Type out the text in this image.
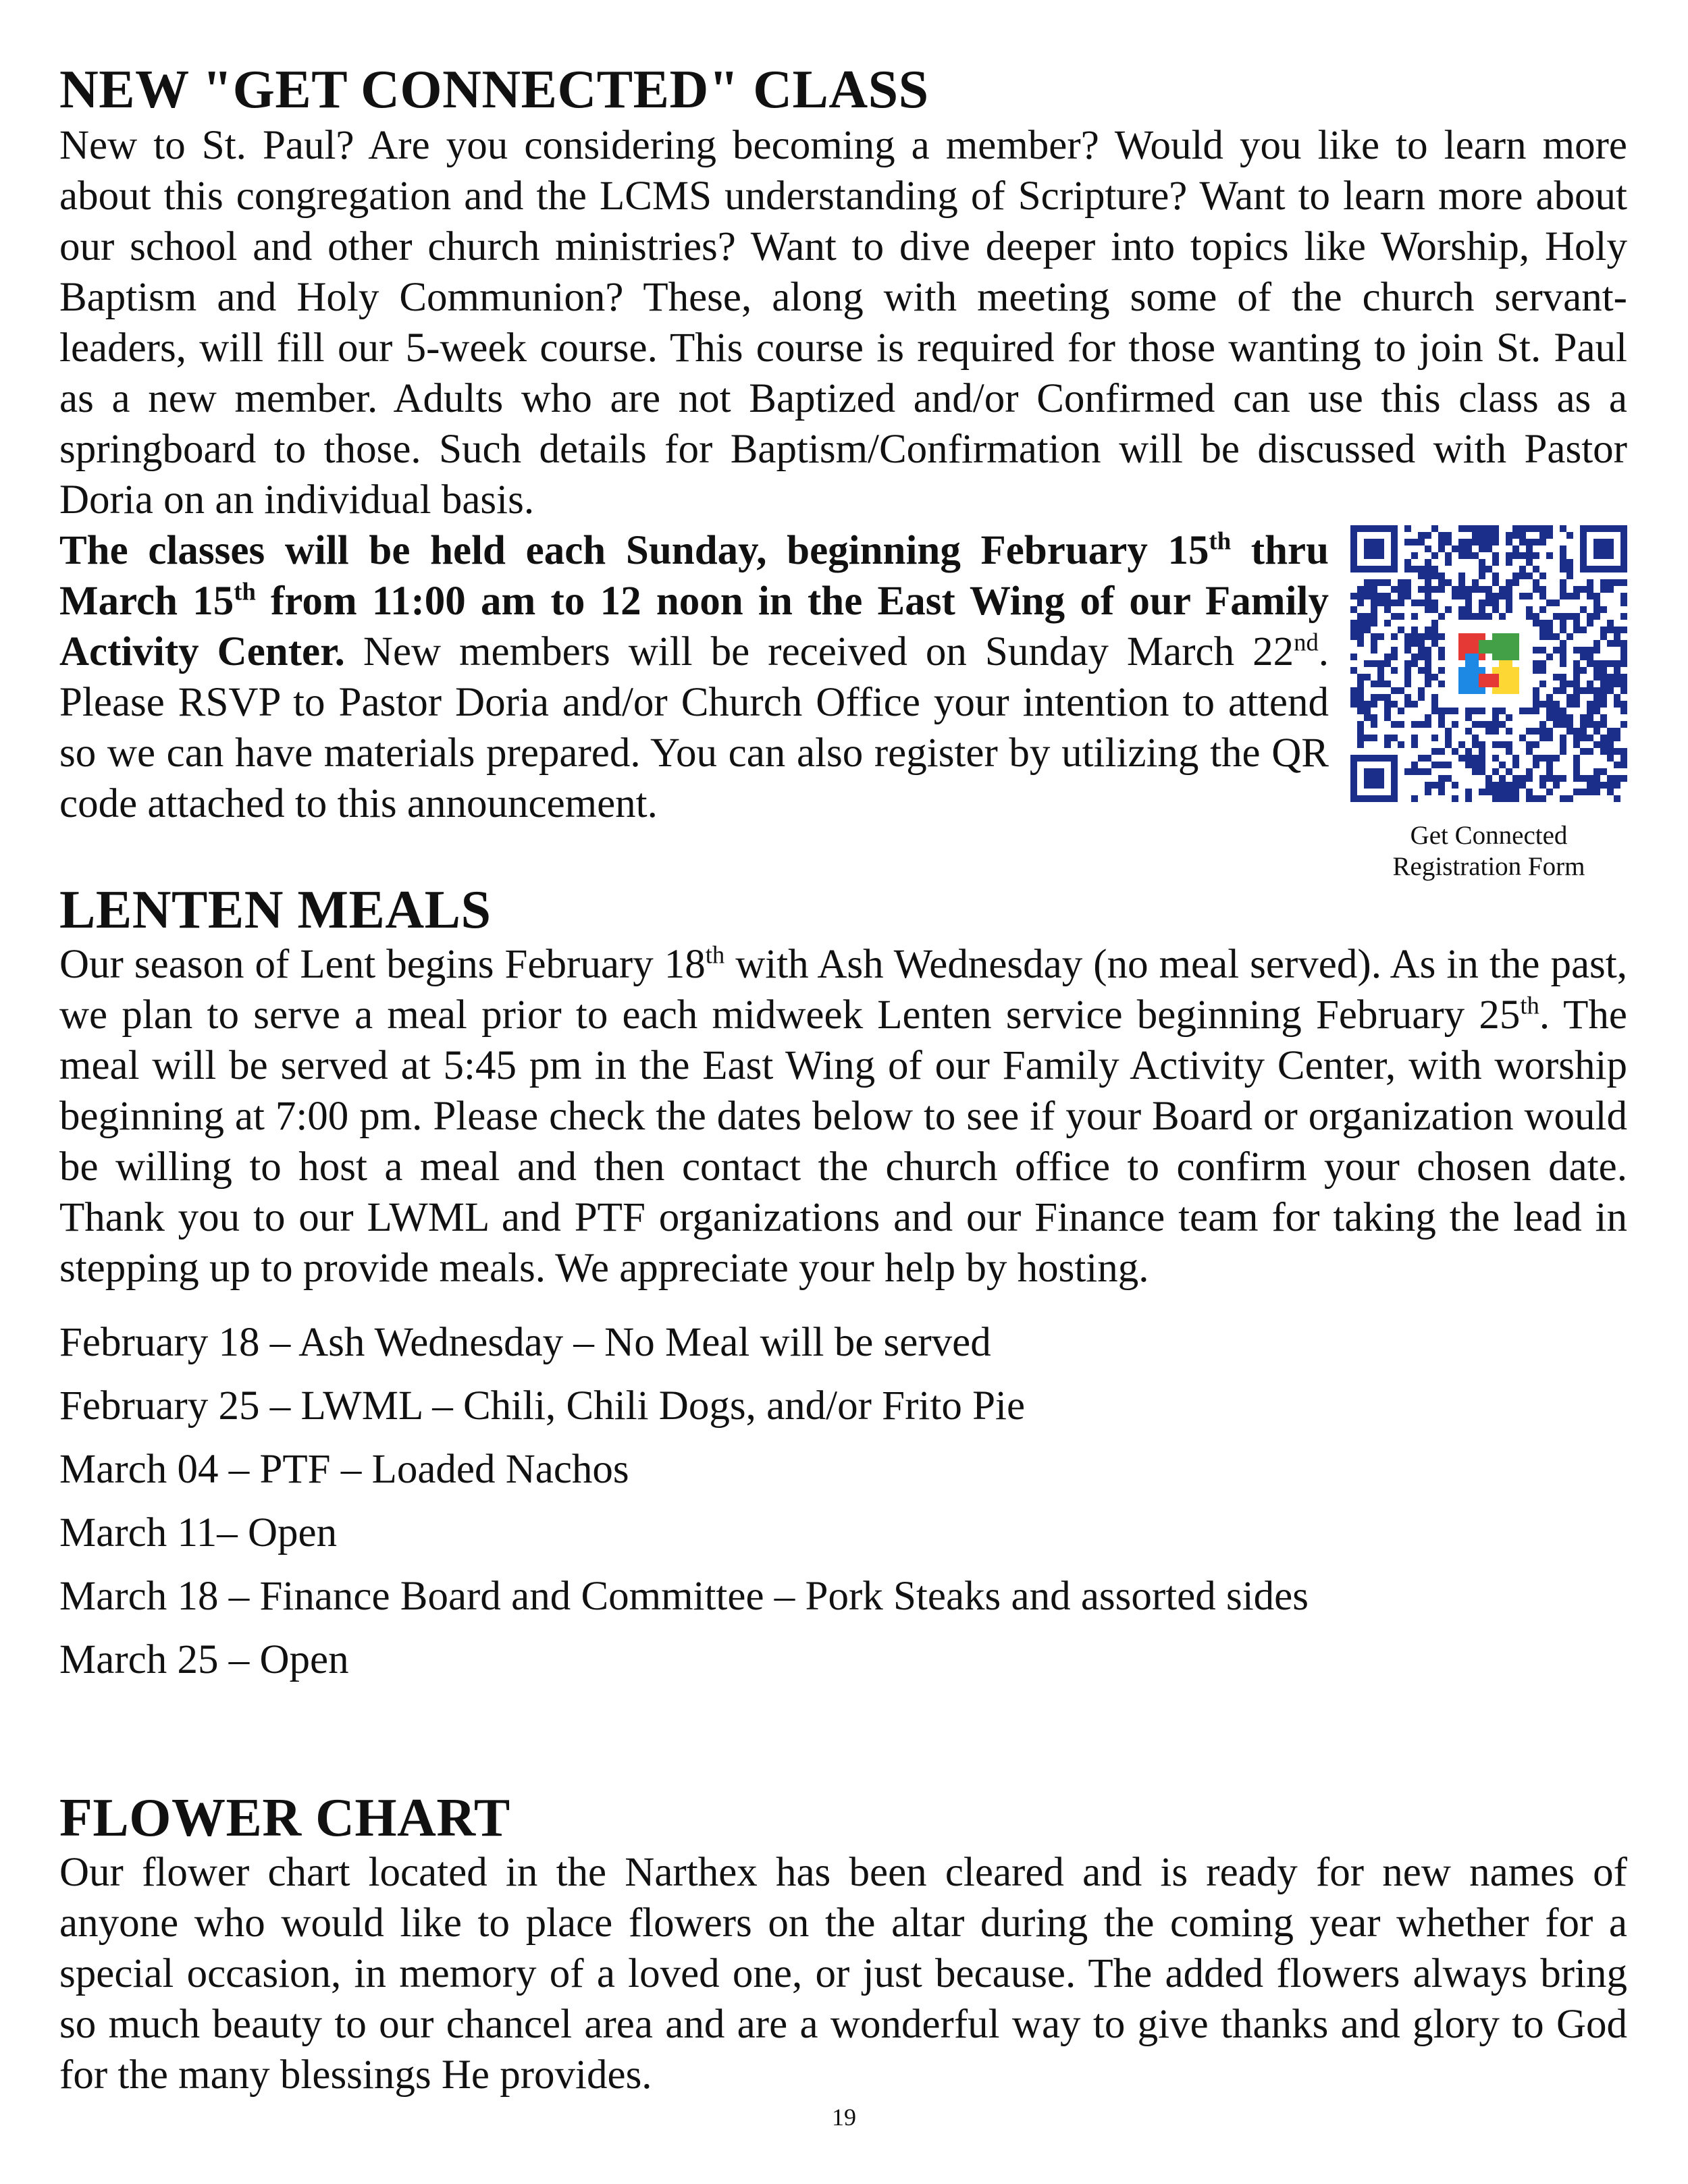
NEW "GET CONNECTED" CLASS

New to St. Paul? Are you considering becoming a member? Would you like to learn more about this congregation and the LCMS understanding of Scripture? Want to learn more about our school and other church ministries? Want to dive deeper into topics like Worship, Holy Baptism and Holy Communion? These, along with meeting some of the church servant-leaders, will fill our 5-week course. This course is required for those wanting to join St. Paul as a new member. Adults who are not Baptized and/or Confirmed can use this class as a springboard to those. Such details for Baptism/Confirmation will be discussed with Pastor Doria on an individual basis.

Get Connected
Registration Form

The classes will be held each Sunday, beginning February 15th thru March 15th from 11:00 am to 12 noon in the East Wing of our Family Activity Center. New members will be received on Sunday March 22nd. Please RSVP to Pastor Doria and/or Church Office your intention to attend so we can have materials prepared. You can also register by utilizing the QR code attached to this announcement.

LENTEN MEALS

Our season of Lent begins February 18th with Ash Wednesday (no meal served). As in the past, we plan to serve a meal prior to each midweek Lenten service beginning February 25th. The meal will be served at 5:45 pm in the East Wing of our Family Activity Center, with worship beginning at 7:00 pm. Please check the dates below to see if your Board or organization would be willing to host a meal and then contact the church office to confirm your chosen date. Thank you to our LWML and PTF organizations and our Finance team for taking the lead in stepping up to provide meals. We appreciate your help by hosting.

February 18 – Ash Wednesday – No Meal will be served

February 25 – LWML – Chili, Chili Dogs, and/or Frito Pie

March 04 – PTF – Loaded Nachos

March 11– Open

March 18 – Finance Board and Committee – Pork Steaks and assorted sides

March 25 – Open

FLOWER CHART

Our flower chart located in the Narthex has been cleared and is ready for new names of anyone who would like to place flowers on the altar during the coming year whether for a special occasion, in memory of a loved one, or just because. The added flowers always bring so much beauty to our chancel area and are a wonderful way to give thanks and glory to God for the many blessings He provides.

19
